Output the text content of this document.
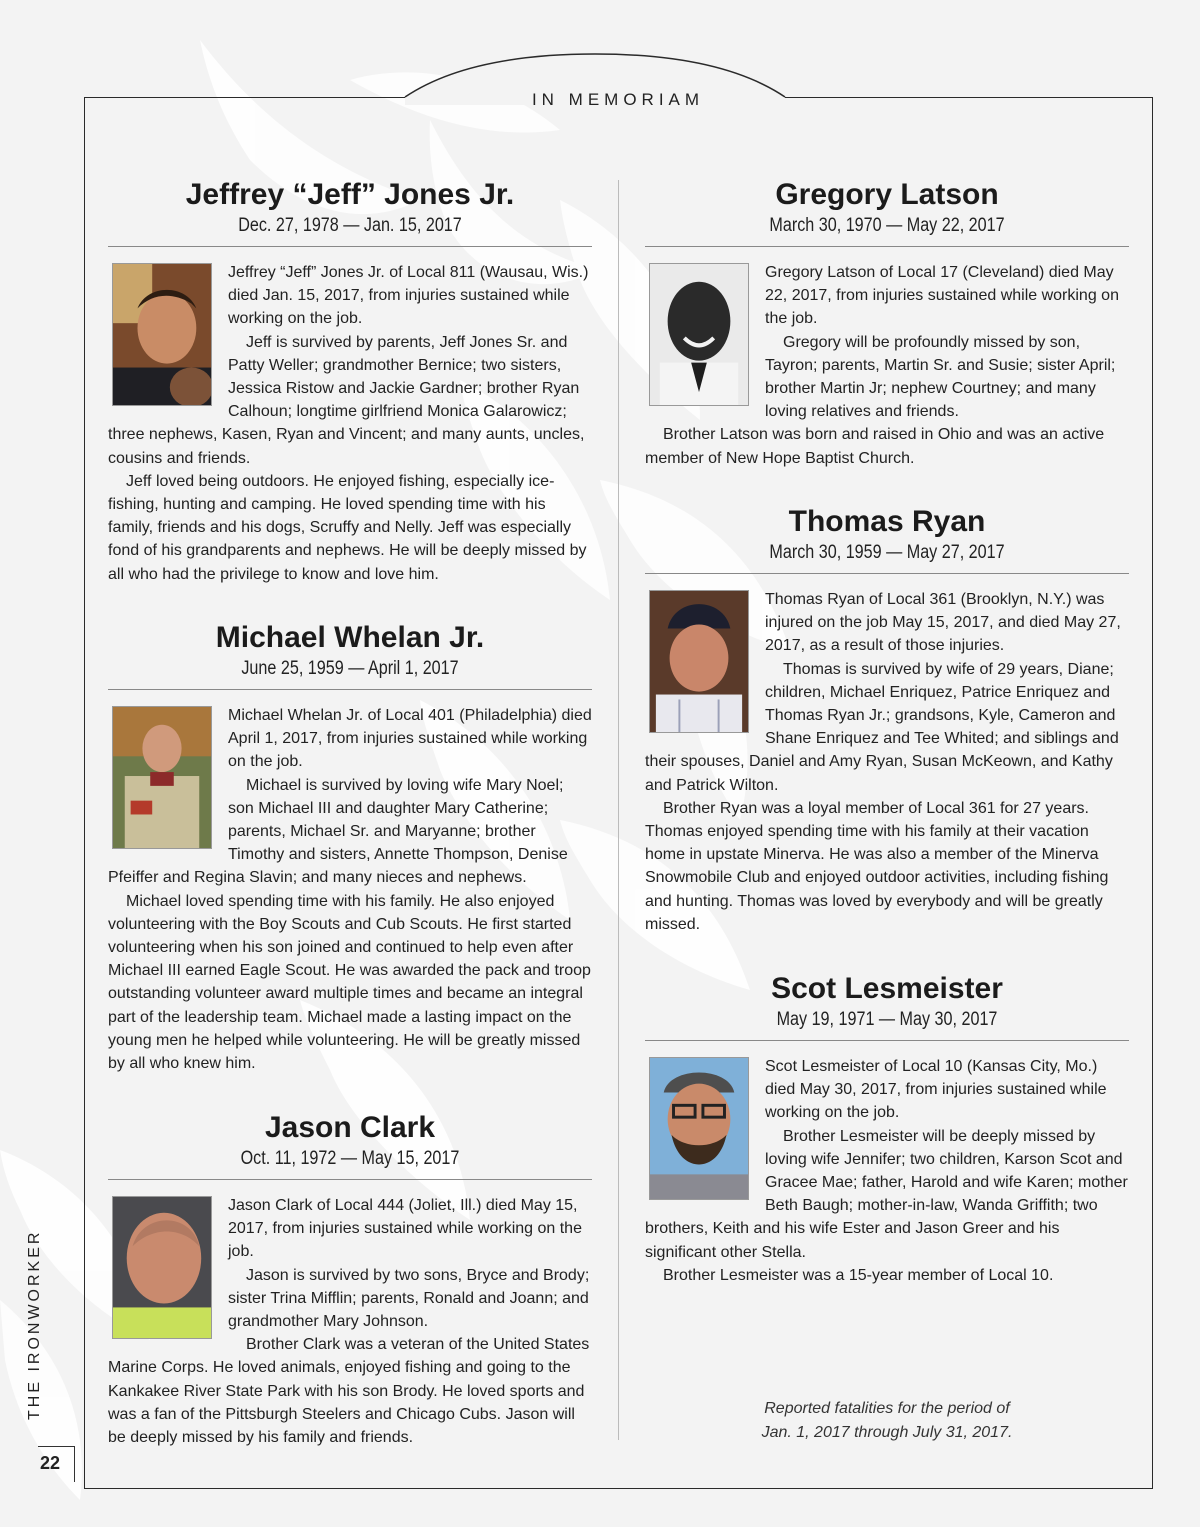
IN MEMORIAM
Jeffrey “Jeff” Jones Jr.
Dec. 27, 1978 — Jan. 15, 2017

Jeffrey “Jeff” Jones Jr. of Local 811 (Wausau, Wis.) died Jan. 15, 2017, from injuries sustained while working on the job.

Jeff is survived by parents, Jeff Jones Sr. and Patty Weller; grandmother Bernice; two sisters, Jessica Ristow and Jackie Gardner; brother Ryan Calhoun; longtime girlfriend Monica Galarowicz; three nephews, Kasen, Ryan and Vincent; and many aunts, uncles, cousins and friends.

Jeff loved being outdoors. He enjoyed fishing, especially ice-fishing, hunting and camping. He loved spending time with his family, friends and his dogs, Scruffy and Nelly. Jeff was especially fond of his grandparents and nephews. He will be deeply missed by all who had the privilege to know and love him.

Michael Whelan Jr.
June 25, 1959 — April 1, 2017

Michael Whelan Jr. of Local 401 (Philadelphia) died April 1, 2017, from injuries sustained while working on the job.

Michael is survived by loving wife Mary Noel; son Michael III and daughter Mary Catherine; parents, Michael Sr. and Maryanne; brother Timothy and sisters, Annette Thompson, Denise Pfeiffer and Regina Slavin; and many nieces and nephews.

Michael loved spending time with his family. He also enjoyed volunteering with the Boy Scouts and Cub Scouts. He first started volunteering when his son joined and continued to help even after Michael III earned Eagle Scout. He was awarded the pack and troop outstanding volunteer award multiple times and became an integral part of the leadership team. Michael made a lasting impact on the young men he helped while volunteering. He will be greatly missed by all who knew him.

Jason Clark
Oct. 11, 1972 — May 15, 2017

Jason Clark of Local 444 (Joliet, Ill.) died May 15, 2017, from injuries sustained while working on the job.

Jason is survived by two sons, Bryce and Brody; sister Trina Mifflin; parents, Ronald and Joann; and grandmother Mary Johnson.

Brother Clark was a veteran of the United States Marine Corps. He loved animals, enjoyed fishing and going to the Kankakee River State Park with his son Brody. He loved sports and was a fan of the Pittsburgh Steelers and Chicago Cubs. Jason will be deeply missed by his family and friends.

Gregory Latson
March 30, 1970 — May 22, 2017

Gregory Latson of Local 17 (Cleveland) died May 22, 2017, from injuries sustained while working on the job.

Gregory will be profoundly missed by son, Tayron; parents, Martin Sr. and Susie; sister April; brother Martin Jr; nephew Courtney; and many loving relatives and friends.

Brother Latson was born and raised in Ohio and was an active member of New Hope Baptist Church.

Thomas Ryan
March 30, 1959 — May 27, 2017

Thomas Ryan of Local 361 (Brooklyn, N.Y.) was injured on the job May 15, 2017, and died May 27, 2017, as a result of those injuries.

Thomas is survived by wife of 29 years, Diane; children, Michael Enriquez, Patrice Enriquez and Thomas Ryan Jr.; grandsons, Kyle, Cameron and Shane Enriquez and Tee Whited; and siblings and their spouses, Daniel and Amy Ryan, Susan McKeown, and Kathy and Patrick Wilton.

Brother Ryan was a loyal member of Local 361 for 27 years. Thomas enjoyed spending time with his family at their vacation home in upstate Minerva. He was also a member of the Minerva Snowmobile Club and enjoyed outdoor activities, including fishing and hunting. Thomas was loved by everybody and will be greatly missed.

Scot Lesmeister
May 19, 1971 — May 30, 2017

Scot Lesmeister of Local 10 (Kansas City, Mo.) died May 30, 2017, from injuries sustained while working on the job.

Brother Lesmeister will be deeply missed by loving wife Jennifer; two children, Karson Scot and Gracee Mae; father, Harold and wife Karen; mother Beth Baugh; mother-in-law, Wanda Griffith; two brothers, Keith and his wife Ester and Jason Greer and his significant other Stella.

Brother Lesmeister was a 15-year member of Local 10.

Reported fatalities for the period of
Jan. 1, 2017 through July 31, 2017.
THE IRONWORKER
22
